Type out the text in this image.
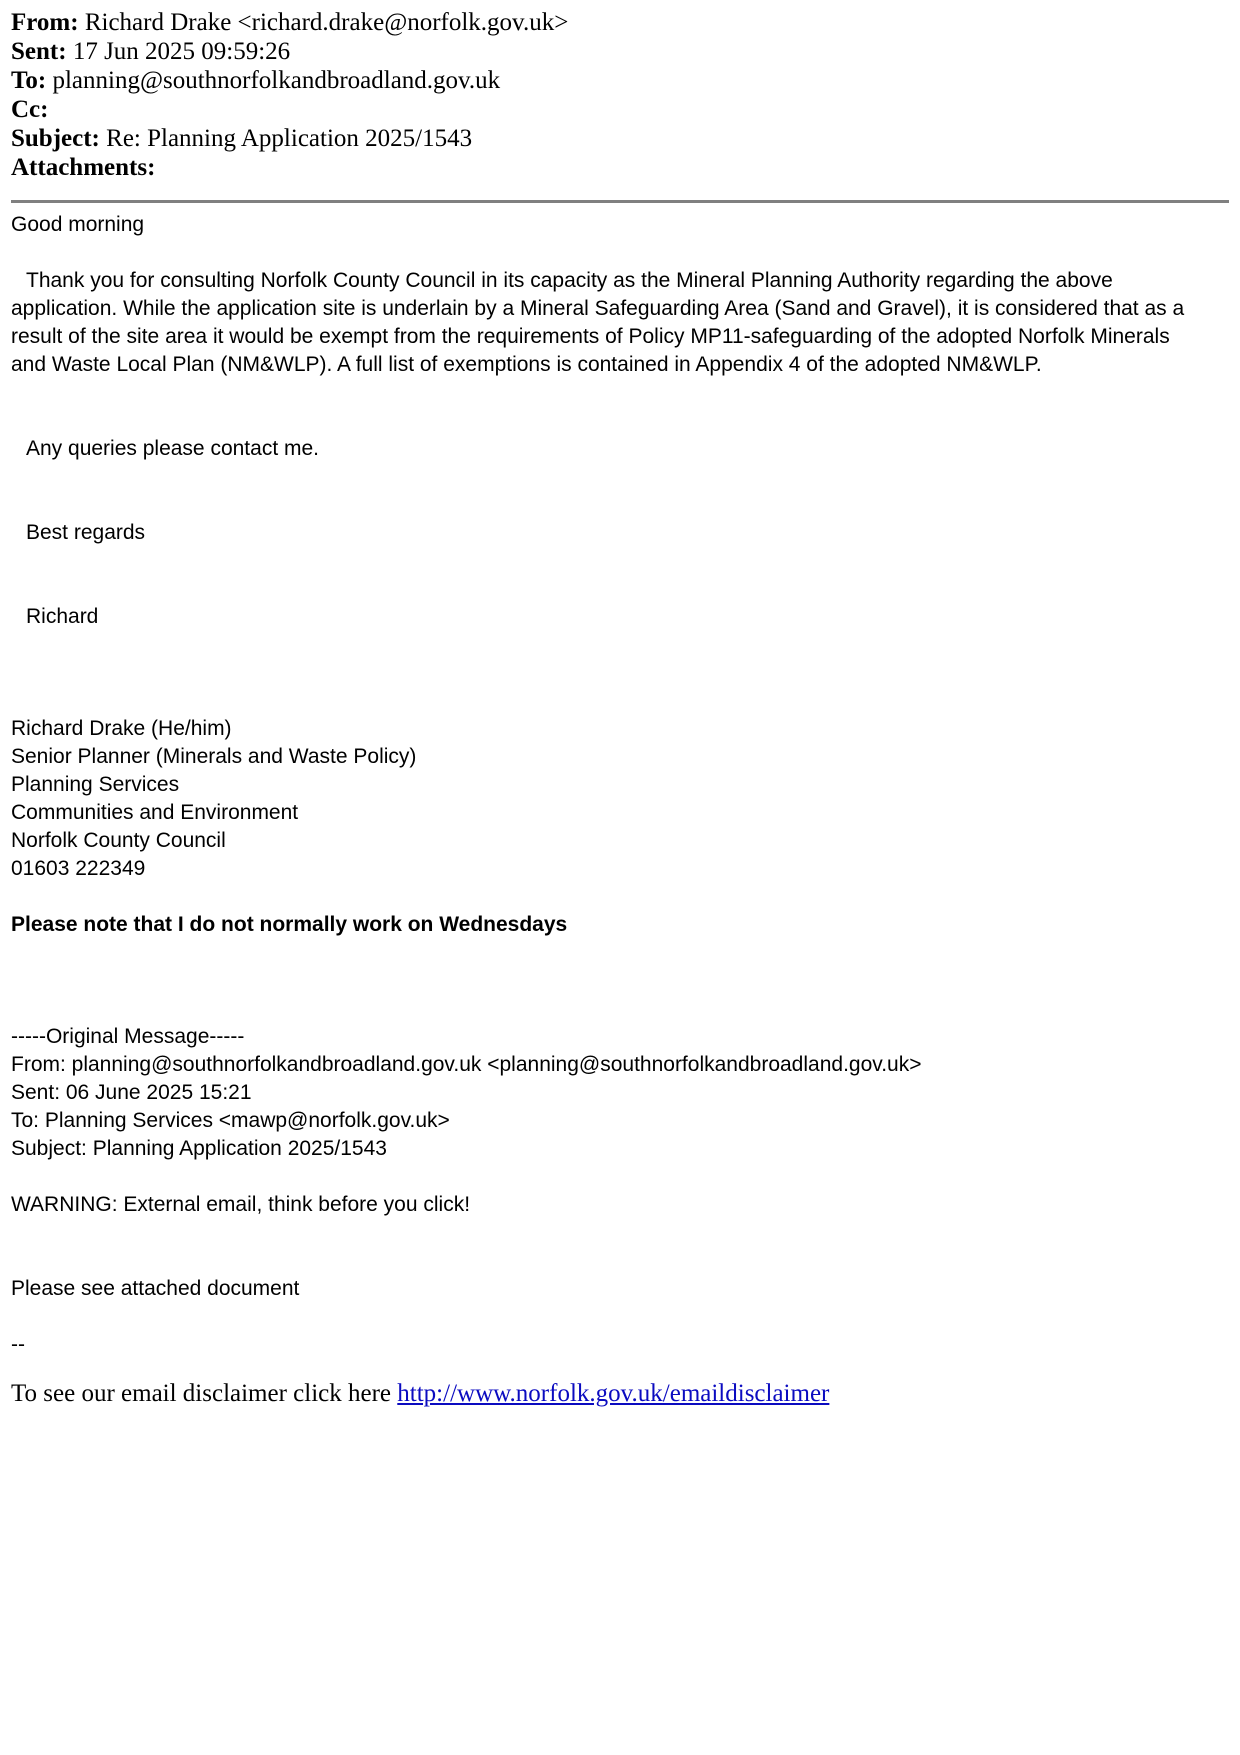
From: Richard Drake <richard.drake@norfolk.gov.uk>
Sent: 17 Jun 2025 09:59:26
To: planning@southnorfolkandbroadland.gov.uk
Cc:
Subject: Re: Planning Application 2025/1543
Attachments:

Good morning

Thank you for consulting Norfolk County Council in its capacity as the Mineral Planning Authority regarding the above

application. While the application site is underlain by a Mineral Safeguarding Area (Sand and Gravel), it is considered that as a

result of the site area it would be exempt from the requirements of Policy MP11-safeguarding of the adopted Norfolk Minerals

and Waste Local Plan (NM&WLP). A full list of exemptions is contained in Appendix 4 of the adopted NM&WLP.

Any queries please contact me.

Best regards

Richard

Richard Drake (He/him)

Senior Planner (Minerals and Waste Policy)

Planning Services

Communities and Environment

Norfolk County Council

01603 222349

Please note that I do not normally work on Wednesdays

-----Original Message-----

From: planning@southnorfolkandbroadland.gov.uk <planning@southnorfolkandbroadland.gov.uk>

Sent: 06 June 2025 15:21

To: Planning Services <mawp@norfolk.gov.uk>

Subject: Planning Application 2025/1543

WARNING: External email, think before you click!

Please see attached document

--

To see our email disclaimer click here http://www.norfolk.gov.uk/emaildisclaimer
